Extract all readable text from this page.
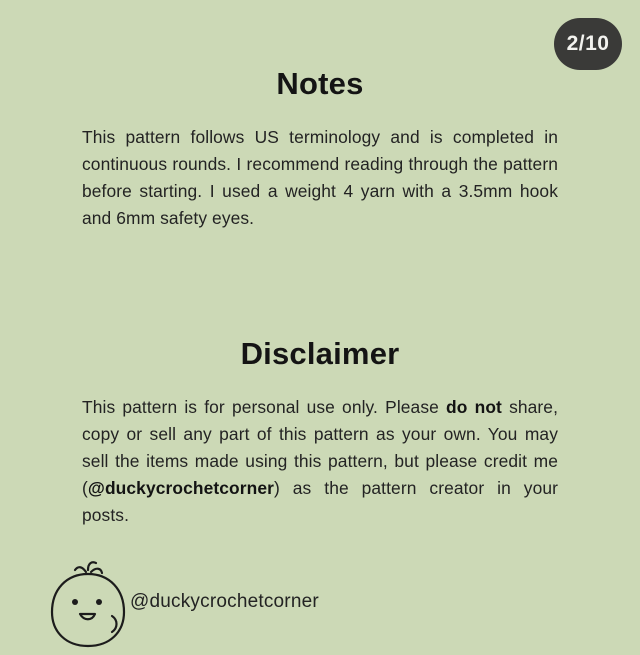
2/10
Notes

This pattern follows US terminology and is completed in continuous rounds. I recommend reading through the pattern before starting. I used a weight 4 yarn with a 3.5mm hook and 6mm safety eyes.

Disclaimer

This pattern is for personal use only. Please do not share, copy or sell any part of this pattern as your own. You may sell the items made using this pattern, but please credit me (@duckycrochetcorner) as the pattern creator in your posts.

@duckycrochetcorner
